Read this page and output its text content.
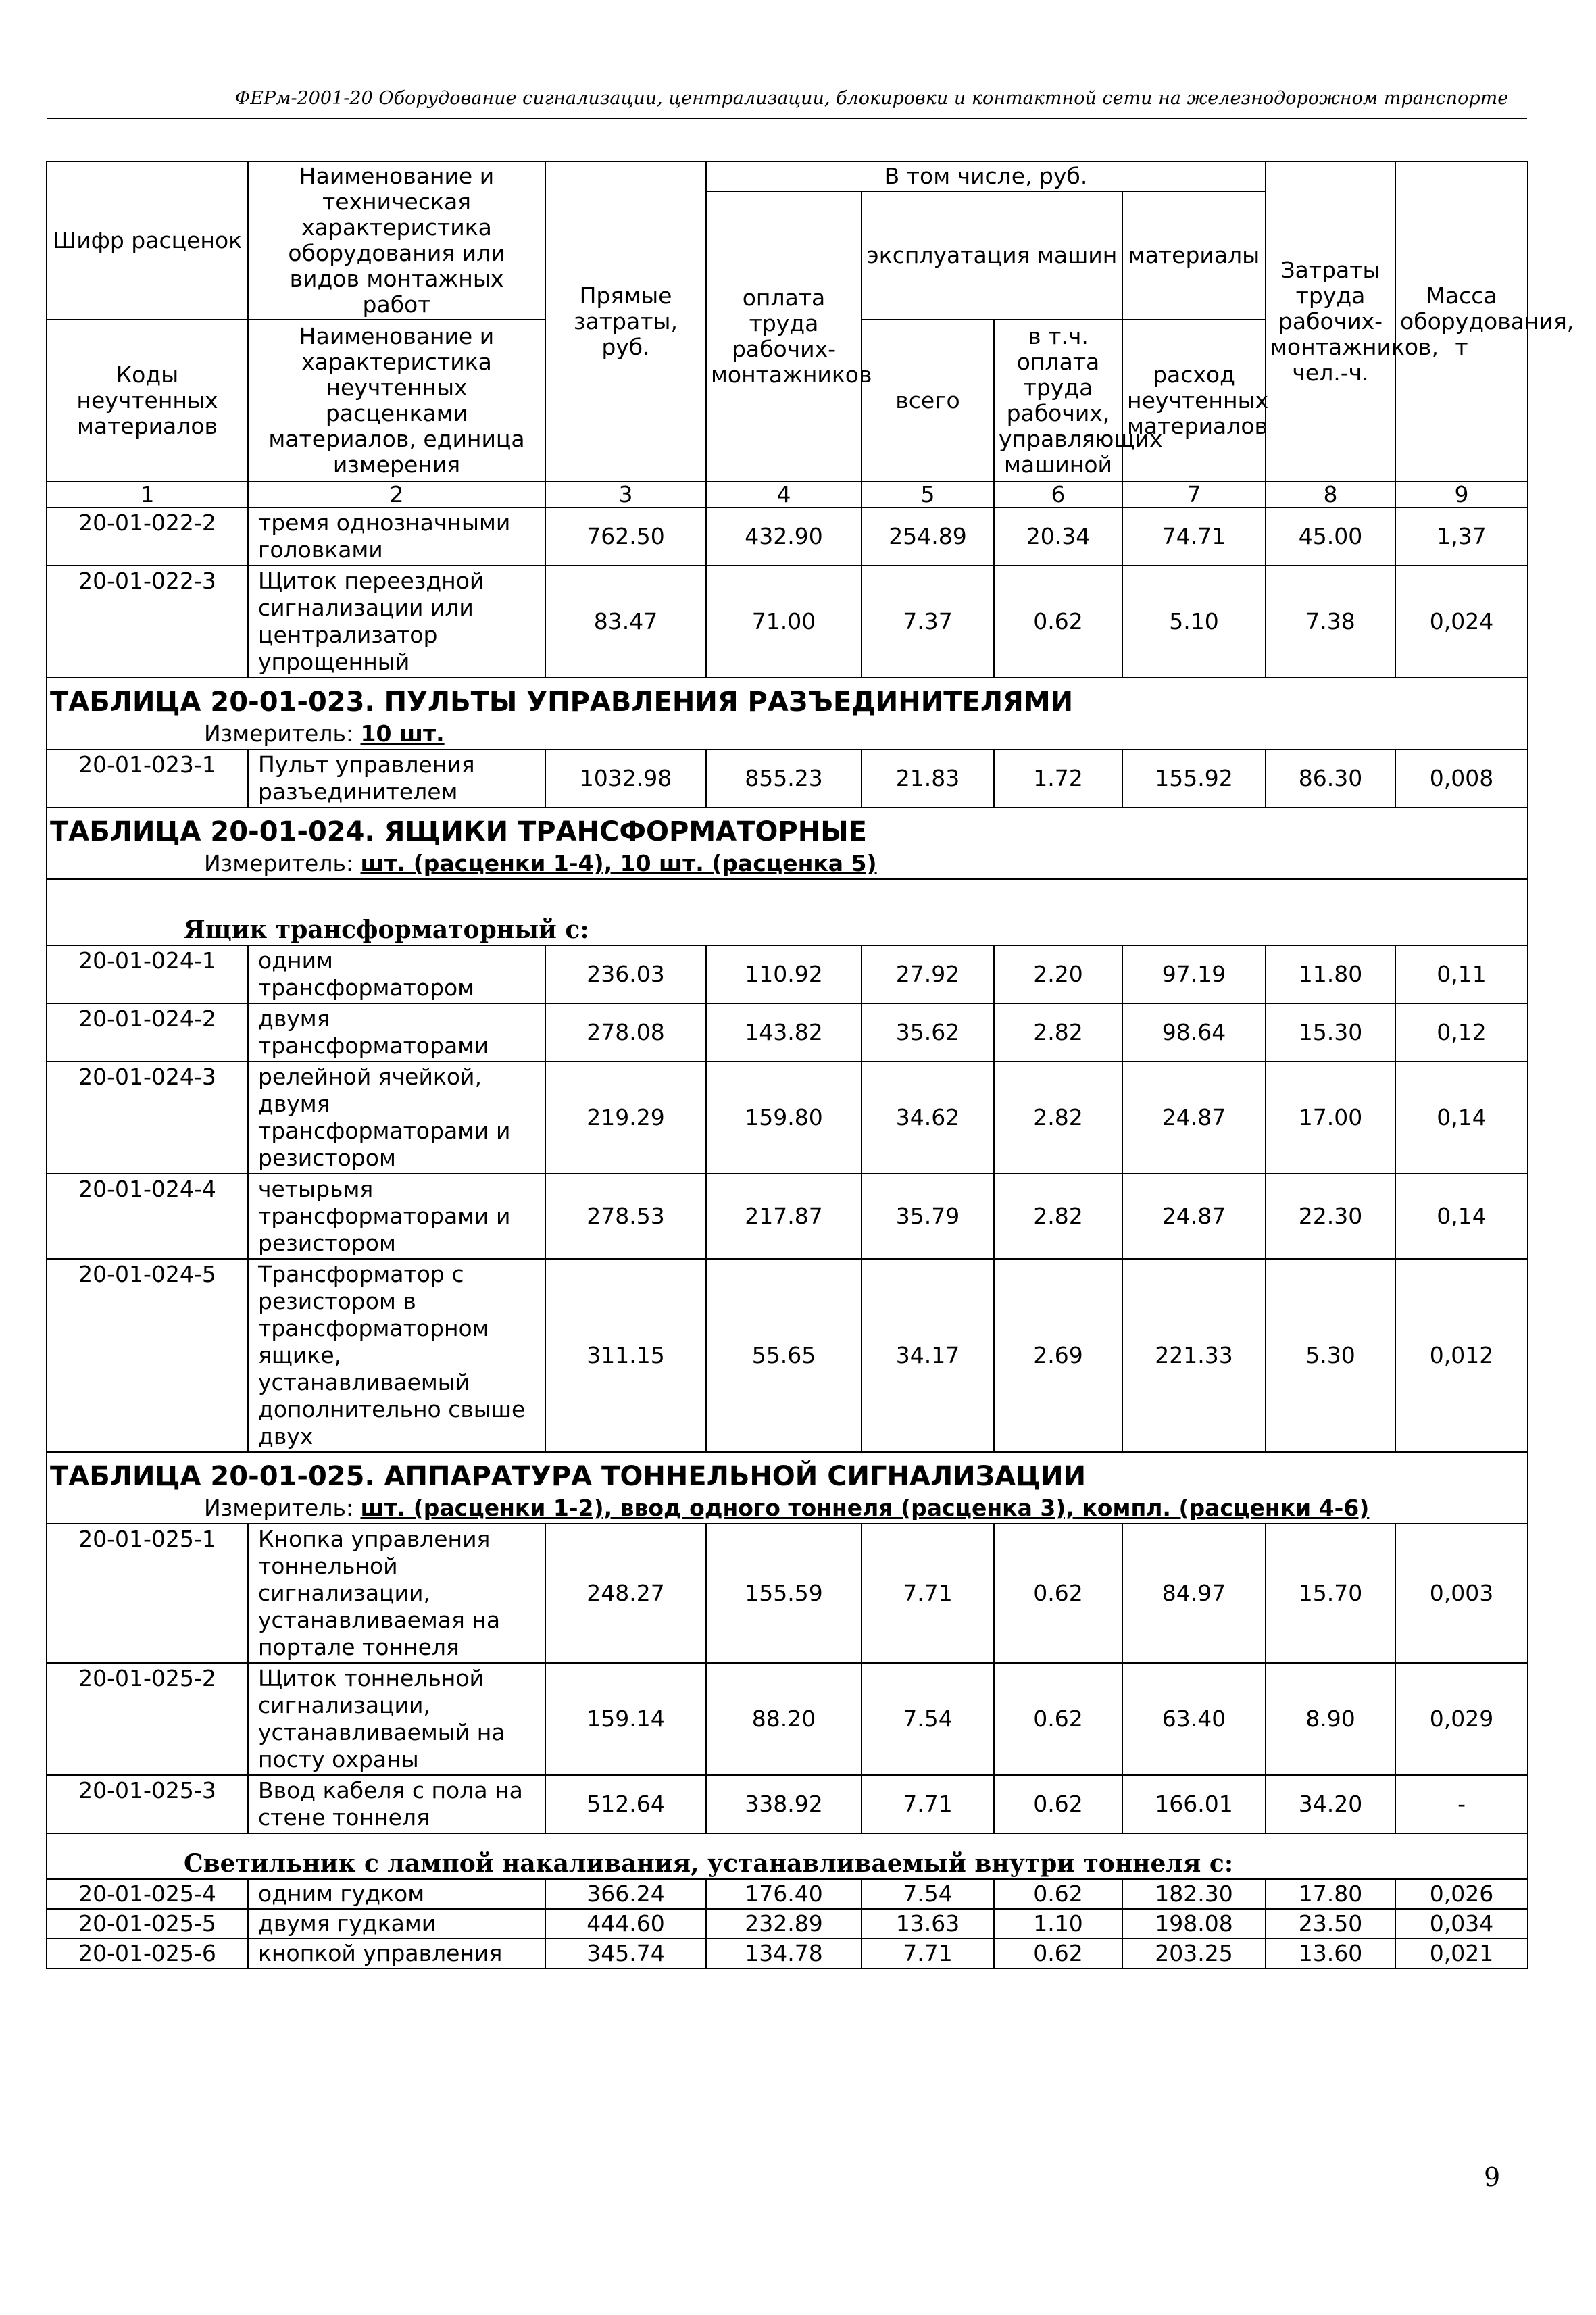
ФЕРм-2001-20 Оборудование сигнализации, централизации, блокировки и контактной сети на железнодорожном транспорте
Шифр расценок	Наименование и техническая характеристика оборудования или видов монтажных работ	Прямые затраты, руб.	В том числе, руб.				Затраты труда рабочих-монтажников, чел.-ч.	Масса оборудования, т
			оплата труда рабочих-монтажников	эксплуатация машин		материалы		
Коды неучтенных материалов	Наименование и характеристика неучтенных расценками материалов, единица измерения			всего	в т.ч. оплата труда рабочих, управляющих машиной	расход неучтенных материалов		

1	2	3	4	5	6	7	8	9
20-01-022-2	тремя однозначными головками	762.50	432.90	254.89	20.34	74.71	45.00	1,37
20-01-022-3	Щиток переездной сигнализации или централизатор упрощенный	83.47	71.00	7.37	0.62	5.10	7.38	0,024
ТАБЛИЦА 20-01-023. ПУЛЬТЫ УПРАВЛЕНИЯ РАЗЪЕДИНИТЕЛЯМИ								
Измеритель: 10 шт.								
20-01-023-1	Пульт управления разъединителем	1032.98	855.23	21.83	1.72	155.92	86.30	0,008
ТАБЛИЦА 20-01-024. ЯЩИКИ ТРАНСФОРМАТОРНЫЕ								
Измеритель: шт. (расценки 1-4), 10 шт. (расценка 5)								
Ящик трансформаторный с:								
20-01-024-1	одним трансформатором	236.03	110.92	27.92	2.20	97.19	11.80	0,11
20-01-024-2	двумя трансформаторами	278.08	143.82	35.62	2.82	98.64	15.30	0,12
20-01-024-3	релейной ячейкой, двумя трансформаторами и резистором	219.29	159.80	34.62	2.82	24.87	17.00	0,14
20-01-024-4	четырьмя трансформаторами и резистором	278.53	217.87	35.79	2.82	24.87	22.30	0,14
20-01-024-5	Трансформатор с резистором в трансформаторном ящике, устанавливаемый дополнительно свыше двух	311.15	55.65	34.17	2.69	221.33	5.30	0,012
ТАБЛИЦА 20-01-025. АППАРАТУРА ТОННЕЛЬНОЙ СИГНАЛИЗАЦИИ								
Измеритель: шт. (расценки 1-2), ввод одного тоннеля (расценка 3), компл. (расценки 4-6)								
20-01-025-1	Кнопка управления тоннельной сигнализации, устанавливаемая на портале тоннеля	248.27	155.59	7.71	0.62	84.97	15.70	0,003
20-01-025-2	Щиток тоннельной сигнализации, устанавливаемый на посту охраны	159.14	88.20	7.54	0.62	63.40	8.90	0,029
20-01-025-3	Ввод кабеля с пола на стене тоннеля	512.64	338.92	7.71	0.62	166.01	34.20	-
Светильник с лампой накаливания, устанавливаемый внутри тоннеля с:								
20-01-025-4	одним гудком	366.24	176.40	7.54	0.62	182.30	17.80	0,026
20-01-025-5	двумя гудками	444.60	232.89	13.63	1.10	198.08	23.50	0,034
20-01-025-6	кнопкой управления	345.74	134.78	7.71	0.62	203.25	13.60	0,021
9
